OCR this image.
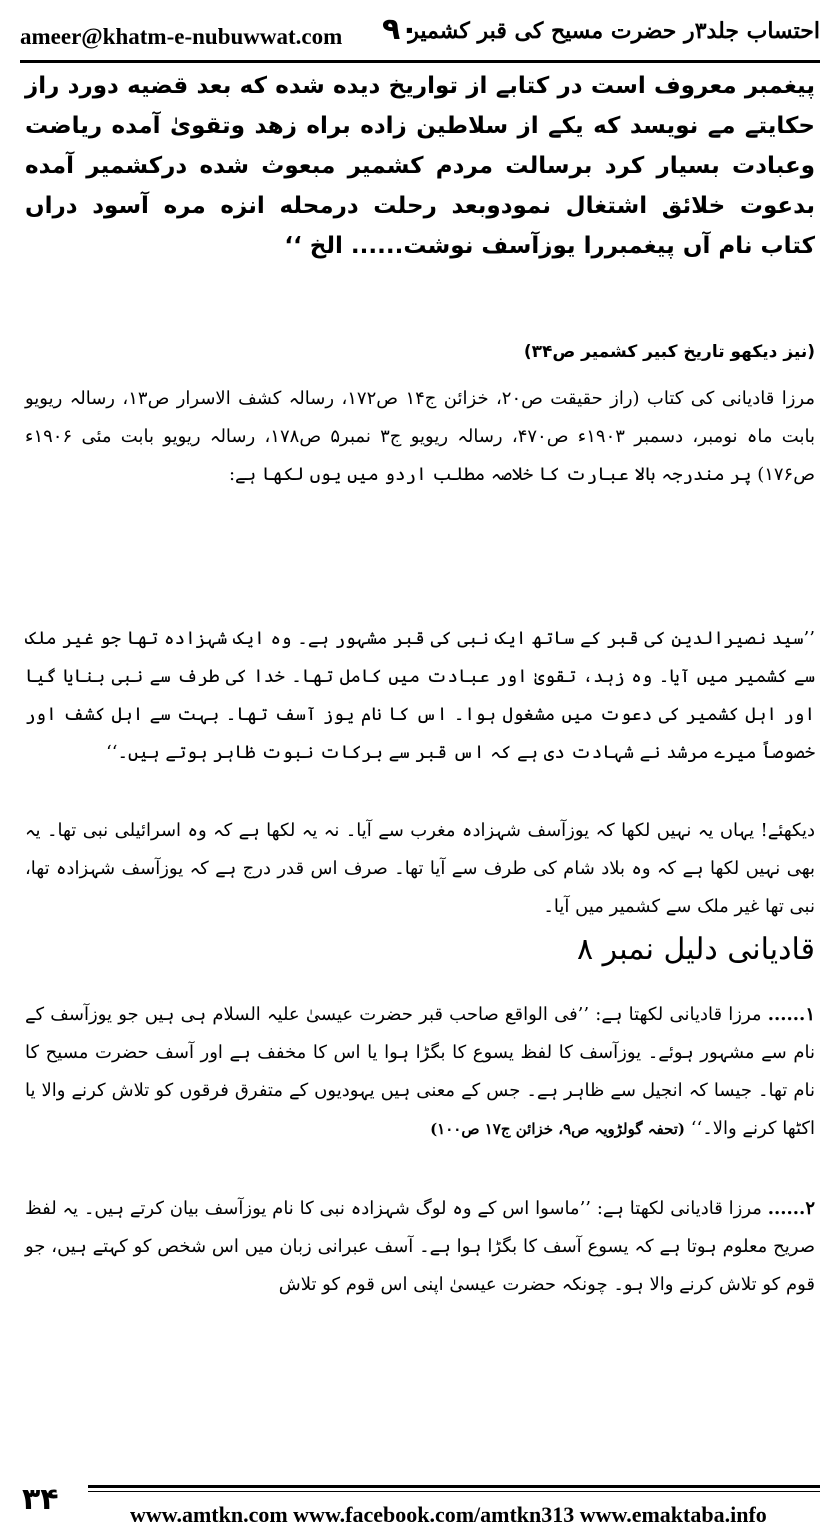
ameer@khatm-e-nubuwwat.com ۹۰
احتساب جلد۳ر حضرت مسیح کی قبر کشمیر
پیغمبر معروف است در کتابے از تواریخ دیده شده که بعد قضیه دورد راز حکایتے مے نویسد که یکے از سلاطین زاده براه زهد وتقویٰ آمده ریاضت وعبادت بسیار کرد برسالت مردم کشمیر مبعوث شده درکشمیر آمده بدعوت خلائق اشتغال نمودوبعد رحلت درمحله انزه مره آسود دراں کتاب نام آں پیغمبررا یوزآسف نوشت...... الخ ‘‘
(نیز دیکھو تاریخ کبیر کشمیر ص۳۴)
مرزا قادیانی کی کتاب (راز حقیقت ص۲۰، خزائن ج۱۴ ص۱۷۲، رسالہ کشف الاسرار ص۱۳، رسالہ ریویو بابت ماہ نومبر، دسمبر ۱۹۰۳ء ص۴۷۰، رسالہ ریویو ج۳ نمبر۵ ص۱۷۸، رسالہ ریویو بابت مئی ۱۹۰۶ء ص۱۷۶) پر مندرجہ بالا عبارت کا خلاصہ مطلب اردو میں یوں لکھا ہے:
’’سید نصیرالدین کی قبر کے ساتھ ایک نبی کی قبر مشہور ہے۔ وہ ایک شہزادہ تھا جو غیر ملک سے کشمیر میں آیا۔ وہ زہد، تقویٰ اور عبادت میں کامل تھا۔ خدا کی طرف سے نبی بنایا گیا اور اہل کشمیر کی دعوت میں مشغول ہوا۔ اس کا نام یوز آسف تھا۔ بہت سے اہل کشف اور خصوصاً میرے مرشد نے شہادت دی ہے کہ اس قبر سے برکات نبوت ظاہر ہوتے ہیں۔‘‘
دیکھئے! یہاں یہ نہیں لکھا کہ یوزآسف شہزادہ مغرب سے آیا۔ نہ یہ لکھا ہے کہ وہ اسرائیلی نبی تھا۔ یہ بھی نہیں لکھا ہے کہ وہ بلاد شام کی طرف سے آیا تھا۔ صرف اس قدر درج ہے کہ یوزآسف شہزادہ تھا، نبی تھا غیر ملک سے کشمیر میں آیا۔
قادیانی دلیل نمبر ۸
۱...... مرزا قادیانی لکھتا ہے: ’’فی الواقع صاحب قبر حضرت عیسیٰ علیہ السلام ہی ہیں جو یوزآسف کے نام سے مشہور ہوئے۔ یوزآسف کا لفظ یسوع کا بگڑا ہوا یا اس کا مخفف ہے اور آسف حضرت مسیح کا نام تھا۔ جیسا کہ انجیل سے ظاہر ہے۔ جس کے معنی ہیں یہودیوں کے متفرق فرقوں کو تلاش کرنے والا یا اکٹھا کرنے والا۔‘‘ (تحفہ گولڑویہ ص۹، خزائن ج۱۷ ص۱۰۰)
۲...... مرزا قادیانی لکھتا ہے: ’’ماسوا اس کے وہ لوگ شہزادہ نبی کا نام یوزآسف بیان کرتے ہیں۔ یہ لفظ صریح معلوم ہوتا ہے کہ یسوع آسف کا بگڑا ہوا ہے۔ آسف عبرانی زبان میں اس شخص کو کہتے ہیں، جو قوم کو تلاش کرنے والا ہو۔ چونکہ حضرت عیسیٰ اپنی اس قوم کو تلاش
۳۴	www.amtkn.com www.facebook.com/amtkn313 www.emaktaba.info
